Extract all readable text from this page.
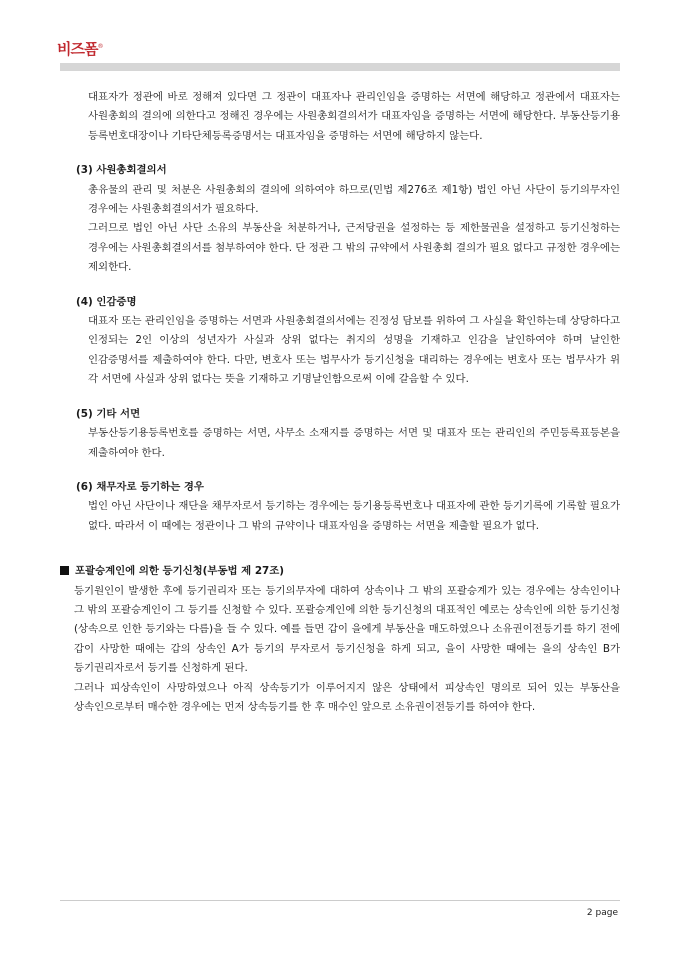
비즈폼®

대표자가 정관에 바로 정해져 있다면 그 정관이 대표자나 관리인임을 증명하는 서면에 해당하고 정관에서 대표자는 사원총회의 결의에 의한다고 정해진 경우에는 사원총회결의서가 대표자임을 증명하는 서면에 해당한다. 부동산등기용 등록번호대장이나 기타단체등록증명서는 대표자임을 증명하는 서면에 해당하지 않는다.

(3) 사원총회결의서

총유물의 관리 및 처분은 사원총회의 결의에 의하여야 하므로(민법 제276조 제1항) 법인 아닌 사단이 등기의무자인 경우에는 사원총회결의서가 필요하다.

그러므로 법인 아닌 사단 소유의 부동산을 처분하거나, 근저당권을 설정하는 등 제한물권을 설정하고 등기신청하는 경우에는 사원총회결의서를 첨부하여야 한다. 단 정관 그 밖의 규약에서 사원총회 결의가 필요 없다고 규정한 경우에는 제외한다.

(4) 인감증명

대표자 또는 관리인임을 증명하는 서면과 사원총회결의서에는 진정성 담보를 위하여 그 사실을 확인하는데 상당하다고 인정되는 2인 이상의 성년자가 사실과 상위 없다는 취지의 성명을 기재하고 인감을 날인하여야 하며 날인한 인감증명서를 제출하여야 한다. 다만, 변호사 또는 법무사가 등기신청을 대리하는 경우에는 변호사 또는 법무사가 위 각 서면에 사실과 상위 없다는 뜻을 기재하고 기명날인함으로써 이에 갈음할 수 있다.

(5) 기타 서면

부동산등기용등록번호를 증명하는 서면, 사무소 소재지를 증명하는 서면 및 대표자 또는 관리인의 주민등록표등본을 제출하여야 한다.

(6) 채무자로 등기하는 경우

법인 아닌 사단이나 재단을 채무자로서 등기하는 경우에는 등기용등록번호나 대표자에 관한 등기기록에 기록할 필요가 없다. 따라서 이 때에는 정관이나 그 밖의 규약이나 대표자임을 증명하는 서면을 제출할 필요가 없다.

포괄승계인에 의한 등기신청(부동법 제 27조)

등기원인이 발생한 후에 등기권리자 또는 등기의무자에 대하여 상속이나 그 밖의 포괄승계가 있는 경우에는 상속인이나 그 밖의 포괄승계인이 그 등기를 신청할 수 있다. 포괄승계인에 의한 등기신청의 대표적인 예로는 상속인에 의한 등기신청(상속으로 인한 등기와는 다름)을 들 수 있다. 예를 들면 갑이 을에게 부동산을 매도하였으나 소유권이전등기를 하기 전에 갑이 사망한 때에는 갑의 상속인 A가 등기의 무자로서 등기신청을 하게 되고, 을이 사망한 때에는 을의 상속인 B가 등기권리자로서 등기를 신청하게 된다.

그러나 피상속인이 사망하였으나 아직 상속등기가 이루어지지 않은 상태에서 피상속인 명의로 되어 있는 부동산을 상속인으로부터 매수한 경우에는 먼저 상속등기를 한 후 매수인 앞으로 소유권이전등기를 하여야 한다.

2 page
